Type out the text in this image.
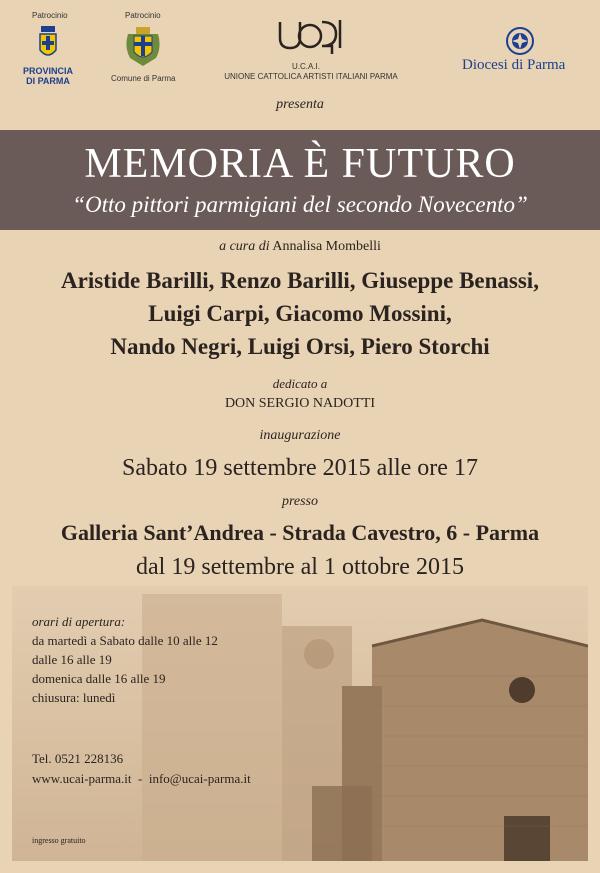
Patrocinio
PROVINCIA
DI PARMA
Patrocinio
Comune di Parma
U.C.A.I.
UNIONE CATTOLICA ARTISTI ITALIANI PARMA
Diocesi di Parma
presenta
MEMORIA È FUTURO
“Otto pittori parmigiani del secondo Novecento”
a cura di Annalisa Mombelli
Aristide Barilli, Renzo Barilli, Giuseppe Benassi,
Luigi Carpi, Giacomo Mossini,
Nando Negri, Luigi Orsi, Piero Storchi
dedicato a
DON SERGIO NADOTTI
inaugurazione
Sabato 19 settembre 2015 alle ore 17
presso
Galleria Sant’Andrea - Strada Cavestro, 6 - Parma
dal 19 settembre al 1 ottobre 2015
orari di apertura:
da martedì a Sabato dalle 10 alle 12
dalle 16 alle 19
domenica dalle 16 alle 19
chiusura: lunedì
Tel. 0521 228136
www.ucai-parma.it  -  info@ucai-parma.it
ingresso gratuito
